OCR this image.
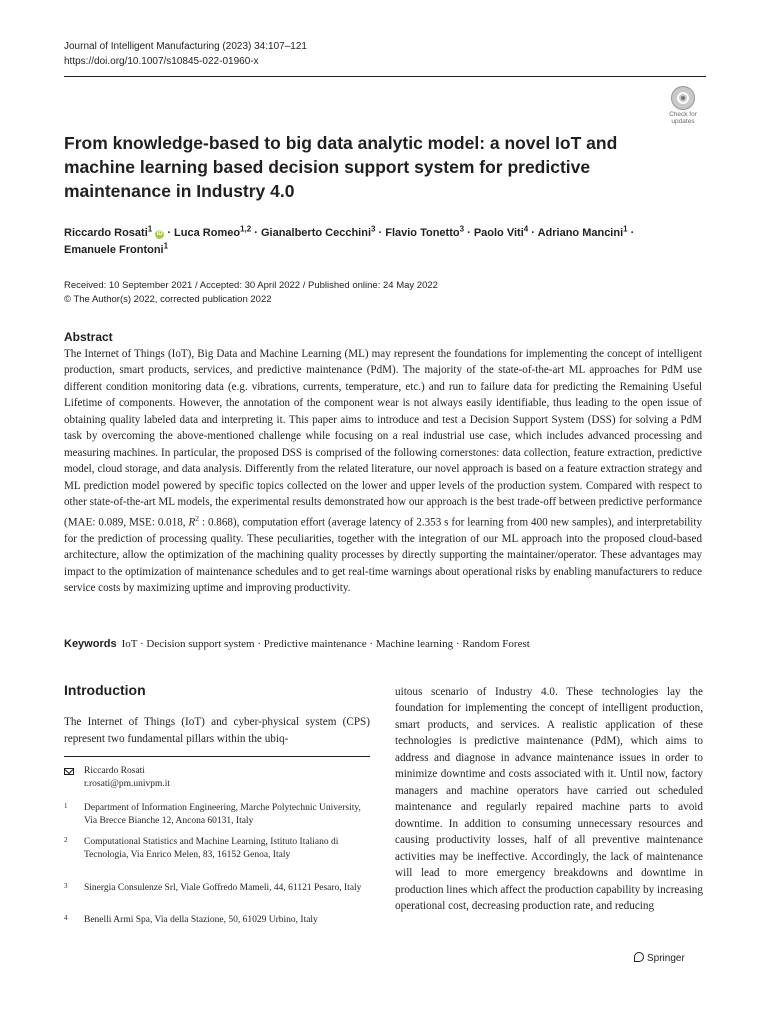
Journal of Intelligent Manufacturing (2023) 34:107–121
https://doi.org/10.1007/s10845-022-01960-x
Check for
updates
From knowledge-based to big data analytic model: a novel IoT and machine learning based decision support system for predictive maintenance in Industry 4.0
Riccardo Rosati$^1$ iD · Luca Romeo$^{1,2}$ · Gianalberto Cecchini$^3$ · Flavio Tonetto$^3$ · Paolo Viti$^4$ · Adriano Mancini$^1$ ·
Emanuele Frontoni$^1$
Received: 10 September 2021 / Accepted: 30 April 2022 / Published online: 24 May 2022
© The Author(s) 2022, corrected publication 2022
Abstract

The Internet of Things (IoT), Big Data and Machine Learning (ML) may represent the foundations for implementing the concept of intelligent production, smart products, services, and predictive maintenance (PdM). The majority of the state-of-the-art ML approaches for PdM use different condition monitoring data (e.g. vibrations, currents, temperature, etc.) and run to failure data for predicting the Remaining Useful Lifetime of components. However, the annotation of the component wear is not always easily identifiable, thus leading to the open issue of obtaining quality labeled data and interpreting it. This paper aims to introduce and test a Decision Support System (DSS) for solving a PdM task by overcoming the above-mentioned challenge while focusing on a real industrial use case, which includes advanced processing and measuring machines. In particular, the proposed DSS is comprised of the following cornerstones: data collection, feature extraction, predictive model, cloud storage, and data analysis. Differently from the related literature, our novel approach is based on a feature extraction strategy and ML prediction model powered by specific topics collected on the lower and upper levels of the production system. Compared with respect to other state-of-the-art ML models, the experimental results demonstrated how our approach is the best trade-off between predictive performance (MAE: 0.089, MSE: 0.018, $R^2$ : 0.868), computation effort (average latency of 2.353 s for learning from 400 new samples), and interpretability for the prediction of processing quality. These peculiarities, together with the integration of our ML approach into the proposed cloud-based architecture, allow the optimization of the machining quality processes by directly supporting the maintainer/operator. These advantages may impact to the optimization of maintenance schedules and to get real-time warnings about operational risks by enabling manufacturers to reduce service costs by maximizing uptime and improving productivity.

Keywords IoT · Decision support system · Predictive maintenance · Machine learning · Random Forest
Introduction

The Internet of Things (IoT) and cyber-physical system (CPS) represent two fundamental pillars within the ubiq-

uitous scenario of Industry 4.0. These technologies lay the foundation for implementing the concept of intelligent production, smart products, and services. A realistic application of these technologies is predictive maintenance (PdM), which aims to address and diagnose in advance maintenance issues in order to minimize downtime and costs associated with it. Until now, factory managers and machine operators have carried out scheduled maintenance and regularly repaired machine parts to avoid downtime. In addition to consuming unnecessary resources and causing productivity losses, half of all preventive maintenance activities may be ineffective. Accordingly, the lack of maintenance will lead to more emergency breakdowns and downtime in production lines which affect the production capability by increasing operational cost, decreasing production rate, and reducing

Riccardo Rosati
r.rosati@pm.univpm.it
1 Department of Information Engineering, Marche Polytechnic University, Via Brecce Bianche 12, Ancona 60131, Italy
2 Computational Statistics and Machine Learning, Istituto Italiano di Tecnologia, Via Enrico Melen, 83, 16152 Genoa, Italy
3 Sinergia Consulenze Srl, Viale Goffredo Mameli, 44, 61121 Pesaro, Italy
4 Benelli Armi Spa, Via della Stazione, 50, 61029 Urbino, Italy
Springer
